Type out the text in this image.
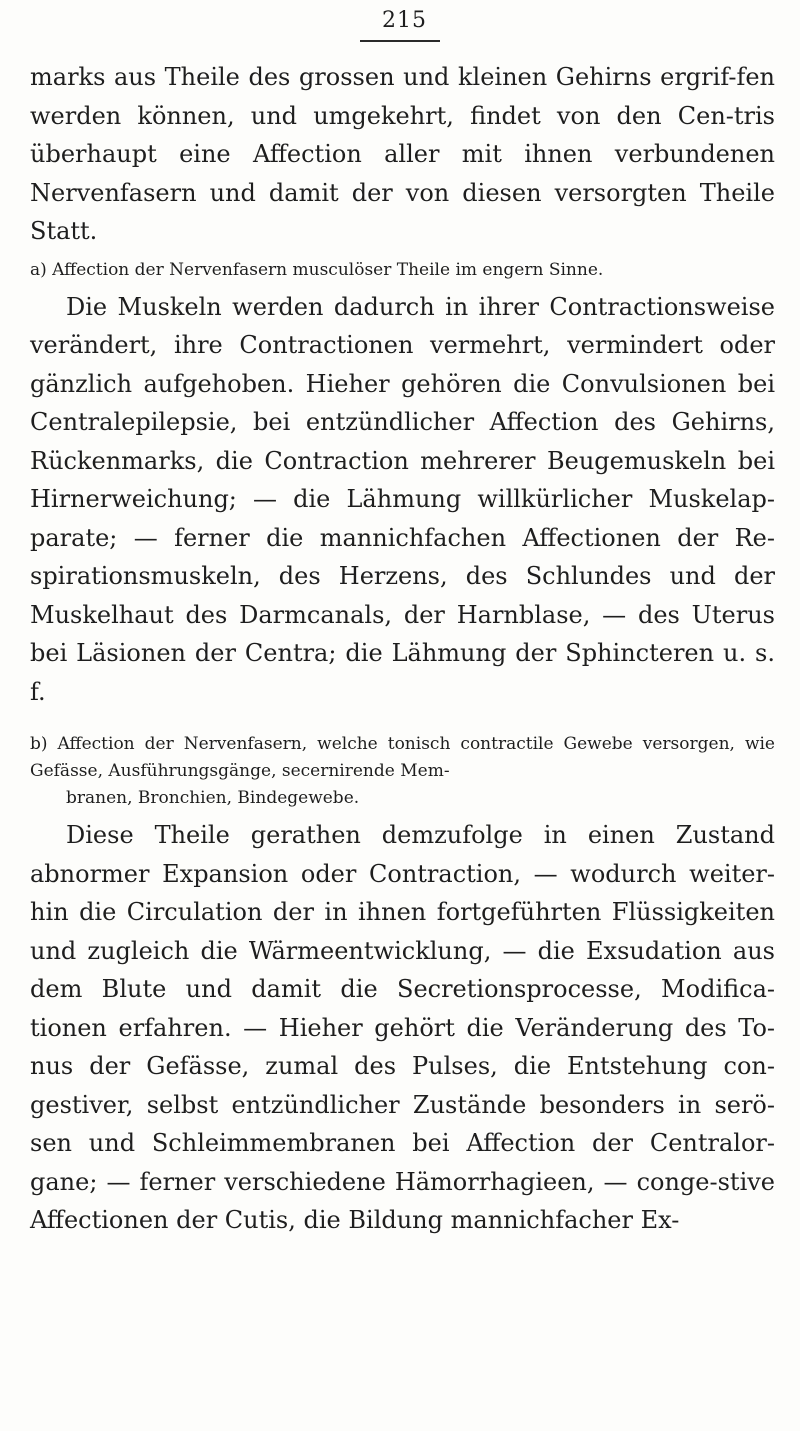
215

marks aus Theile des grossen und kleinen Gehirns ergrif-fen werden können, und umgekehrt, findet von den Cen-tris überhaupt eine Affection aller mit ihnen verbundenen Nervenfasern und damit der von diesen versorgten Theile Statt.

a) Affection der Nervenfasern musculöser Theile im engern Sinne.

Die Muskeln werden dadurch in ihrer Contractionsweise verändert, ihre Contractionen vermehrt, vermindert oder gänzlich aufgehoben. Hieher gehören die Convulsionen bei Centralepilepsie, bei entzündlicher Affection des Gehirns, Rückenmarks, die Contraction mehrerer Beugemuskeln bei Hirnerweichung; — die Lähmung willkürlicher Muskelap-parate; — ferner die mannichfachen Affectionen der Re-spirationsmuskeln, des Herzens, des Schlundes und der Muskelhaut des Darmcanals, der Harnblase, — des Uterus bei Läsionen der Centra; die Lähmung der Sphincteren u. s. f.

b) Affection der Nervenfasern, welche tonisch contractile Gewebe versorgen, wie Gefässe, Ausführungsgänge, secernirende Mem-
branen, Bronchien, Bindegewebe.

Diese Theile gerathen demzufolge in einen Zustand abnormer Expansion oder Contraction, — wodurch weiter-hin die Circulation der in ihnen fortgeführten Flüssigkeiten und zugleich die Wärmeentwicklung, — die Exsudation aus dem Blute und damit die Secretionsprocesse, Modifica-tionen erfahren. — Hieher gehört die Veränderung des To-nus der Gefässe, zumal des Pulses, die Entstehung con-gestiver, selbst entzündlicher Zustände besonders in serö-sen und Schleimmembranen bei Affection der Centralor-gane; — ferner verschiedene Hämorrhagieen, — conge-stive Affectionen der Cutis, die Bildung mannichfacher Ex-
